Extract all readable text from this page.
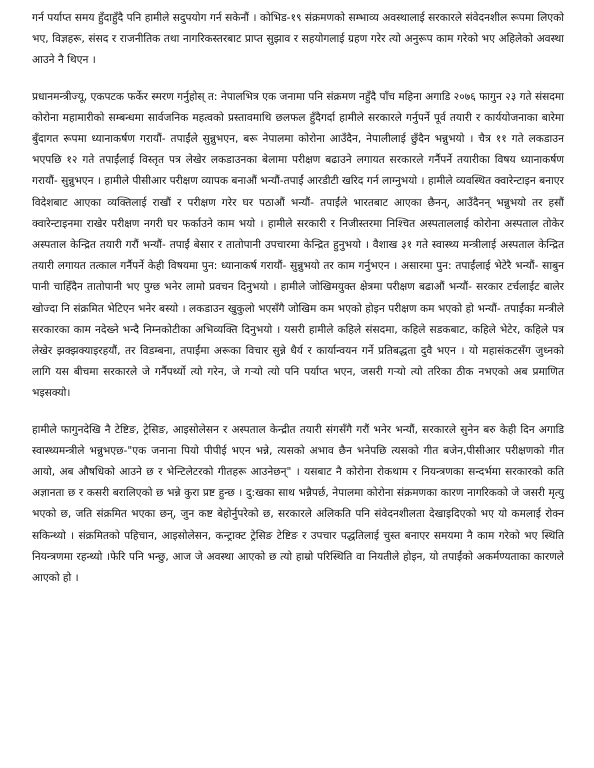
गर्न पर्याप्त समय हुँदाहुँदै पनि हामीले सदुपयोग गर्न सकेनौं । कोभिड-१९ संक्रमणको सम्भाव्य अवस्थालाई सरकारले संवेदनशील रूपमा लिएको भए, विज्ञहरू, संसद र राजनीतिक तथा नागरिकस्तरबाट प्राप्त सुझाव र सहयोगलाई ग्रहण गरेर त्यो अनुरूप काम गरेको भए अहिलेको अवस्था आउने नै थिएन ।

प्रधानमन्त्रीज्यू, एकपटक फर्केर स्मरण गर्नुहोस् त: नेपालभित्र एक जनामा पनि संक्रमण नहुँदै पाँच महिना अगाडि २०७६ फागुन २३ गते संसदमा कोरोना महामारीको सम्बन्धमा सार्वजनिक महत्वको प्रस्तावमाथि छलफल हुँदैगर्दा हामीले सरकारले गर्नुपर्ने पूर्व तयारी र कार्ययोजनाका बारेमा बुँदागत रूपमा ध्यानाकर्षण गरायौं- तपाईंले सुन्नुभएन, बरू नेपालमा कोरोना आउँदैन, नेपालीलाई छुँदैन भन्नुभयो । चैत्र ११ गते लकडाउन भएपछि १२ गते तपाईंलाई विस्तृत पत्र लेखेर लकडाउनका बेलामा परीक्षण बढाउने लगायत सरकारले गर्नैपर्ने तयारीका विषय ध्यानाकर्षण गरायौं- सुन्नुभएन । हामीले पीसीआर परीक्षण व्यापक बनाऔं भन्यौं-तपाईं आरडीटी खरिद गर्न लाग्नुभयो । हामीले व्यवस्थित क्वारेन्टाइन बनाएर विदेशबाट आएका व्यक्तिलाई राखौं र परीक्षण गरेर घर पठाऔं भन्यौं- तपाईंले भारतबाट आएका छैनन्, आउँदैनन् भन्नुभयो तर हसौं क्वारेन्टाइनमा राखेर परीक्षण नगरी घर फर्काउने काम भयो । हामीले सरकारी र निजीस्तरमा निश्चित अस्पताललाई कोरोना अस्पताल तोकेर अस्पताल केन्द्रित तयारी गरौं भन्यौं- तपाईं बेसार र तातोपानी उपचारमा केन्द्रित हुनुभयो । वैशाख ३१ गते स्वास्थ्य मन्त्रीलाई अस्पताल केन्द्रित तयारी लगायत तत्काल गर्नैपर्ने केही विषयमा पुन: ध्यानाकर्ष गरायौं- सुन्नुभयो तर काम गर्नुभएन । असारमा पुन: तपाईंलाई भेटेरै भन्यौं- साबुन पानी चाहिँदैन तातोपानी भए पुग्छ भनेर लामो प्रवचन दिनुभयो । हामीले जोखिमयुक्त क्षेत्रमा परीक्षण बढाऔं भन्यौं- सरकार टर्चलाईट बालेर खोज्दा नि संक्रमित भेटिएन भनेर बस्यो । लकडाउन खुकुलो भएसँगै जोखिम कम भएको होइन परीक्षण कम भएको हो भन्यौं- तपाईंका मन्त्रीले सरकारका काम नदेख्ने भन्दै निम्नकोटीका अभिव्यक्ति दिनुभयो । यसरी हामीले कहिले संसदमा, कहिले सडकबाट, कहिले भेटेर, कहिले पत्र लेखेर झक्झक्याइरहयौं, तर विडम्बना, तपाईंमा अरूका विचार सुन्ने धैर्य र कार्यान्वयन गर्ने प्रतिबद्धता दुवै भएन । यो महासंकटसँग जुध्नको लागि यस बीचमा सरकारले जे गर्नैपर्थ्यो त्यो गरेन, जे गर्‍यो त्यो पनि पर्याप्त भएन, जसरी गर्‍यो त्यो तरिका ठीक नभएको अब प्रमाणित भइसक्यो।

हामीले फागुनदेखि नै टेष्टिङ, ट्रेसिङ, आइसोलेसन र अस्पताल केन्द्रीत तयारी संगसँगै गरौं भनेर भन्यौं, सरकारले सुनेन बरु केही दिन अगाडि स्वास्थ्यमन्त्रीले भन्नुभएछ-"एक जनाना पियो पीपीई भएन भन्ने, त्यसको अभाव छैन भनेपछि त्यसको गीत बजेन,पीसीआर परीक्षणको गीत आयो, अब औषधिको आउने छ र भेन्टिलेटरको गीतहरू आउनेछन्" । यसबाट नै कोरोना रोकथाम र नियन्त्रणका सन्दर्भमा सरकारको कति अज्ञानता छ र कसरी बरालिएको छ भन्ने कुरा प्रष्ट हुन्छ । दु:खका साथ भन्नैपर्छ, नेपालमा कोरोना संक्रमणका कारण नागरिकको जे जसरी मृत्यु भएको छ, जति संक्रमित भएका छन्, जुन कष्ट बेहोर्नुपरेको छ, सरकारले अलिकति पनि संवेदनशीलता देखाइदिएको भए यो कमलाई रोक्न सकिन्थ्यो । संक्रमितको पहिचान, आइसोलेसन, कन्ट्राक्ट ट्रेसिङ टेष्टिङ र उपचार पद्धतिलाई चुस्त बनाएर समयमा नै काम गरेको भए स्थिति नियन्त्रणमा रहन्थ्यो ।फेरि पनि भन्छु, आज जे अवस्था आएको छ त्यो हाम्रो परिस्थिति वा नियतीले होइन, यो तपाईंको अकर्मण्यताका कारणले आएको हो ।
